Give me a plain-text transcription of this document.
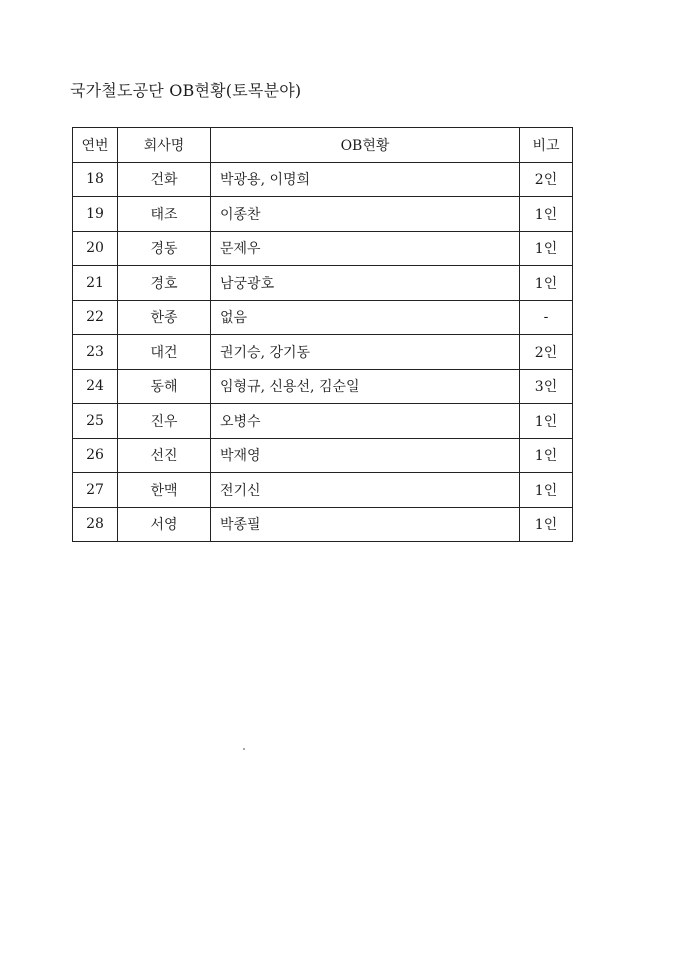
국가철도공단 OB현황(토목분야)
연번	회사명	OB현황	비고
18	건화	박광용, 이명희	2인
19	태조	이종찬	1인
20	경동	문제우	1인
21	경호	남궁광호	1인
22	한종	없음	-
23	대건	권기승, 강기동	2인
24	동해	임형규, 신용선, 김순일	3인
25	진우	오병수	1인
26	선진	박재영	1인
27	한맥	전기신	1인
28	서영	박종필	1인
